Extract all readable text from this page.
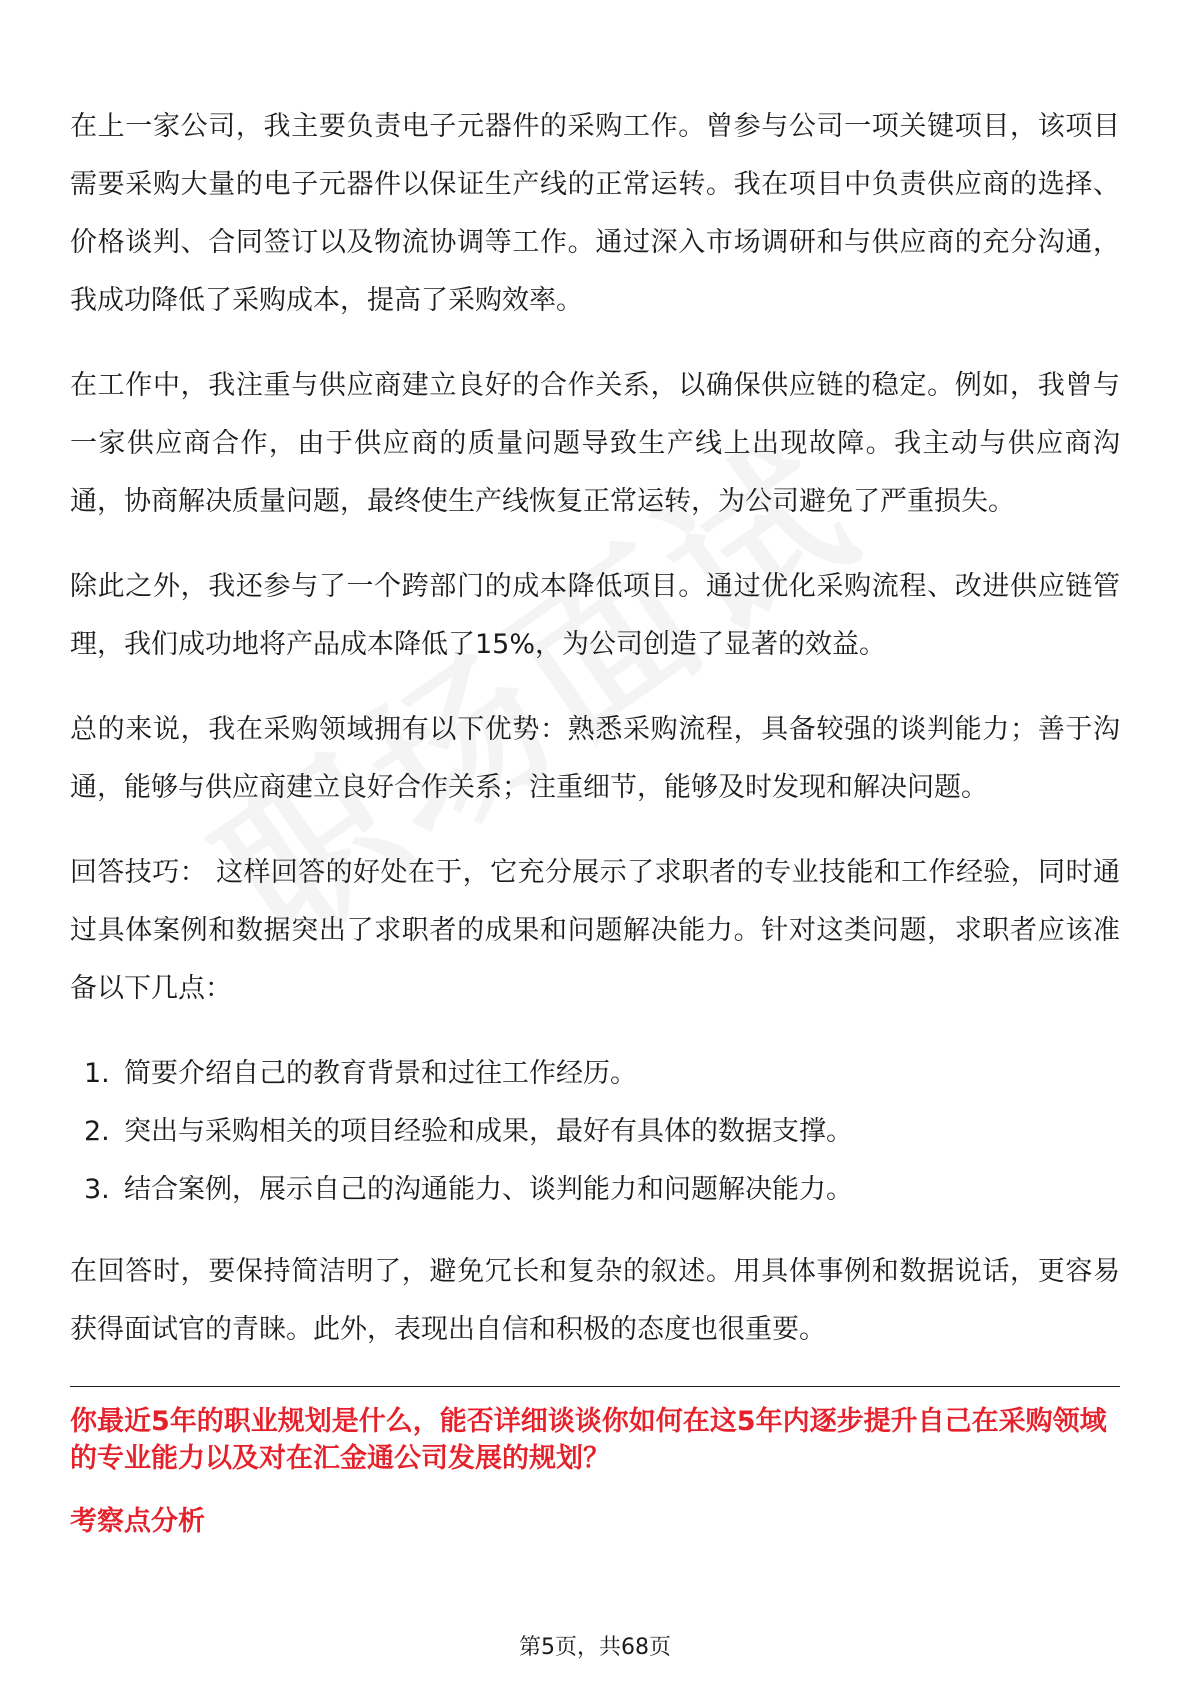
在上一家公司，我主要负责电子元器件的采购工作。曾参与公司一项关键项目，该项目需要采购大量的电子元器件以保证生产线的正常运转。我在项目中负责供应商的选择、价格谈判、合同签订以及物流协调等工作。通过深入市场调研和与供应商的充分沟通，我成功降低了采购成本，提高了采购效率。

在工作中，我注重与供应商建立良好的合作关系，以确保供应链的稳定。例如，我曾与一家供应商合作，由于供应商的质量问题导致生产线上出现故障。我主动与供应商沟通，协商解决质量问题，最终使生产线恢复正常运转，为公司避免了严重损失。

除此之外，我还参与了一个跨部门的成本降低项目。通过优化采购流程、改进供应链管理，我们成功地将产品成本降低了15%，为公司创造了显著的效益。

总的来说，我在采购领域拥有以下优势：熟悉采购流程，具备较强的谈判能力；善于沟通，能够与供应商建立良好合作关系；注重细节，能够及时发现和解决问题。

回答技巧： 这样回答的好处在于，它充分展示了求职者的专业技能和工作经验，同时通过具体案例和数据突出了求职者的成果和问题解决能力。针对这类问题，求职者应该准备以下几点：

1. 简要介绍自己的教育背景和过往工作经历。
2. 突出与采购相关的项目经验和成果，最好有具体的数据支撑。
3. 结合案例，展示自己的沟通能力、谈判能力和问题解决能力。

在回答时，要保持简洁明了，避免冗长和复杂的叙述。用具体事例和数据说话，更容易获得面试官的青睐。此外，表现出自信和积极的态度也很重要。

你最近5年的职业规划是什么，能否详细谈谈你如何在这5年内逐步提升自己在采购领域的专业能力以及对在汇金通公司发展的规划？

考察点分析

第5页，共68页
